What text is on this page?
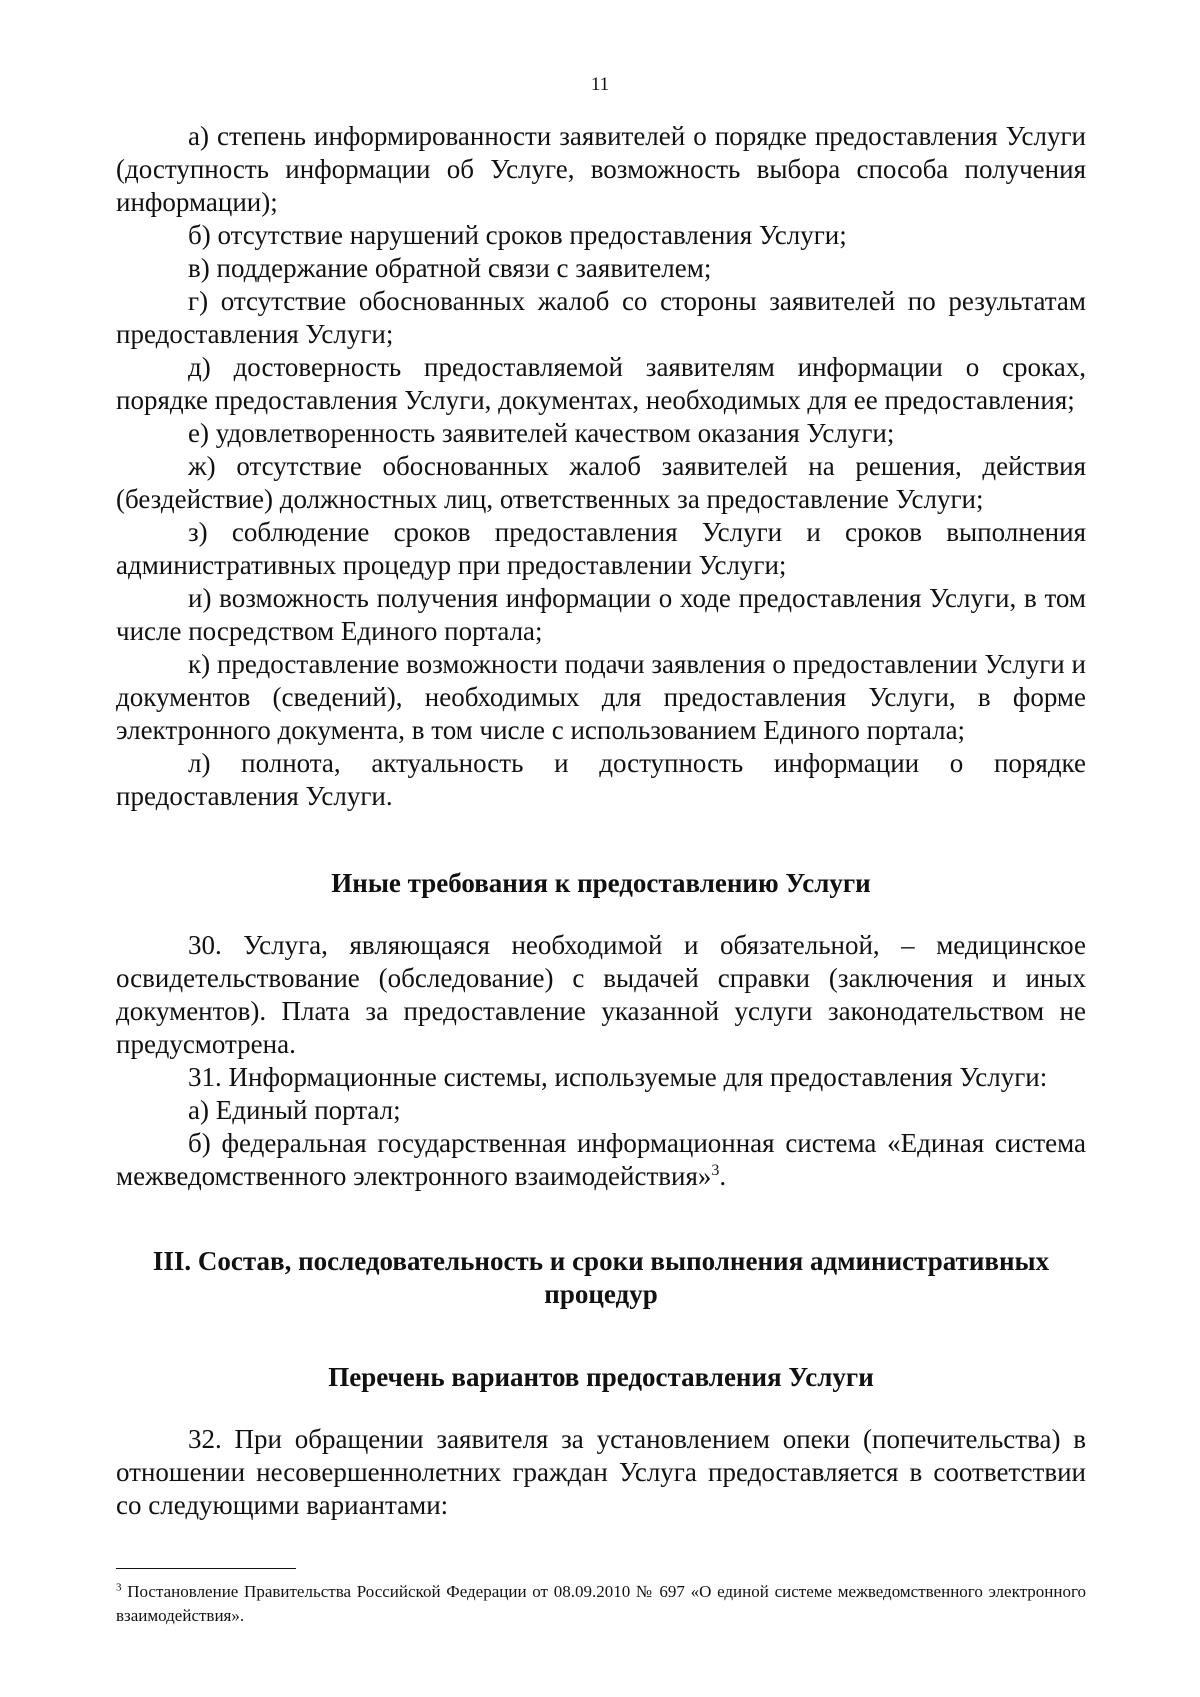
11

а) степень информированности заявителей о порядке предоставления Услуги (доступность информации об Услуге, возможность выбора способа получения информации);

б) отсутствие нарушений сроков предоставления Услуги;

в) поддержание обратной связи с заявителем;

г) отсутствие обоснованных жалоб со стороны заявителей по результатам предоставления Услуги;

д) достоверность предоставляемой заявителям информации о сроках, порядке предоставления Услуги, документах, необходимых для ее предоставления;

е) удовлетворенность заявителей качеством оказания Услуги;

ж) отсутствие обоснованных жалоб заявителей на решения, действия (бездействие) должностных лиц, ответственных за предоставление Услуги;

з) соблюдение сроков предоставления Услуги и сроков выполнения административных процедур при предоставлении Услуги;

и) возможность получения информации о ходе предоставления Услуги, в том числе посредством Единого портала;

к) предоставление возможности подачи заявления о предоставлении Услуги и документов (сведений), необходимых для предоставления Услуги, в форме электронного документа, в том числе с использованием Единого портала;

л) полнота, актуальность и доступность информации о порядке предоставления Услуги.

Иные требования к предоставлению Услуги

30. Услуга, являющаяся необходимой и обязательной, – медицинское освидетельствование (обследование) с выдачей справки (заключения и иных документов). Плата за предоставление указанной услуги законодательством не предусмотрена.

31. Информационные системы, используемые для предоставления Услуги:

а) Единый портал;

б) федеральная государственная информационная система «Единая система межведомственного электронного взаимодействия»$^3$.

III. Состав, последовательность и сроки выполнения административных процедур

Перечень вариантов предоставления Услуги

32. При обращении заявителя за установлением опеки (попечительства) в отношении несовершеннолетних граждан Услуга предоставляется в соответствии со следующими вариантами:

$^3$ Постановление Правительства Российской Федерации от 08.09.2010 № 697 «О единой системе межведомственного электронного взаимодействия».
